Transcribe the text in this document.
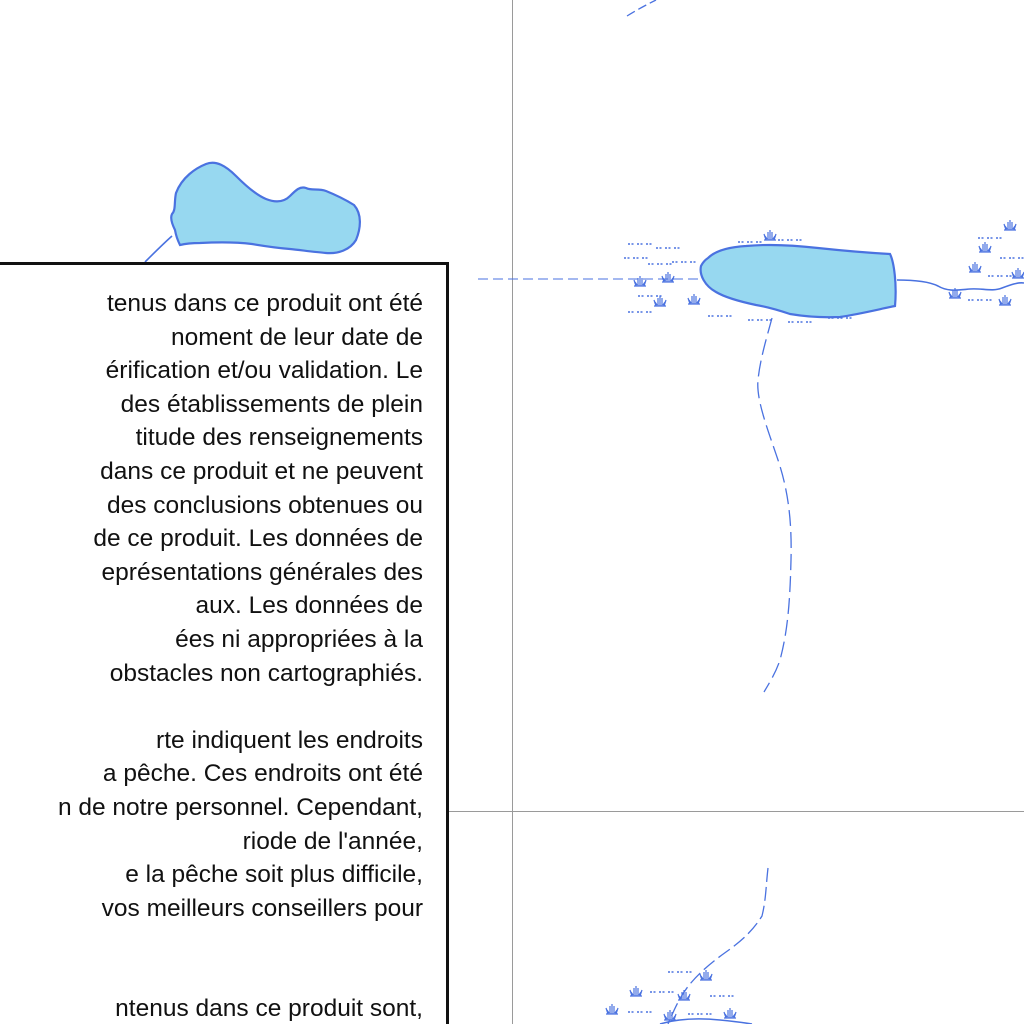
tenus dans ce produit ont été
noment de leur date de
érification et/ou validation. Le
des établissements de plein
titude des renseignements
dans ce produit et ne peuvent
des conclusions obtenues ou
de ce produit. Les données de
eprésentations générales des
aux. Les données de
ées ni appropriées à la
obstacles non cartographiés.

rte indiquent les endroits
a pêche. Ces endroits ont été
n de notre personnel. Cependant,
riode de l'année,
e la pêche soit plus difficile,
vos meilleurs conseillers pour

ntenus dans ce produit sont,
